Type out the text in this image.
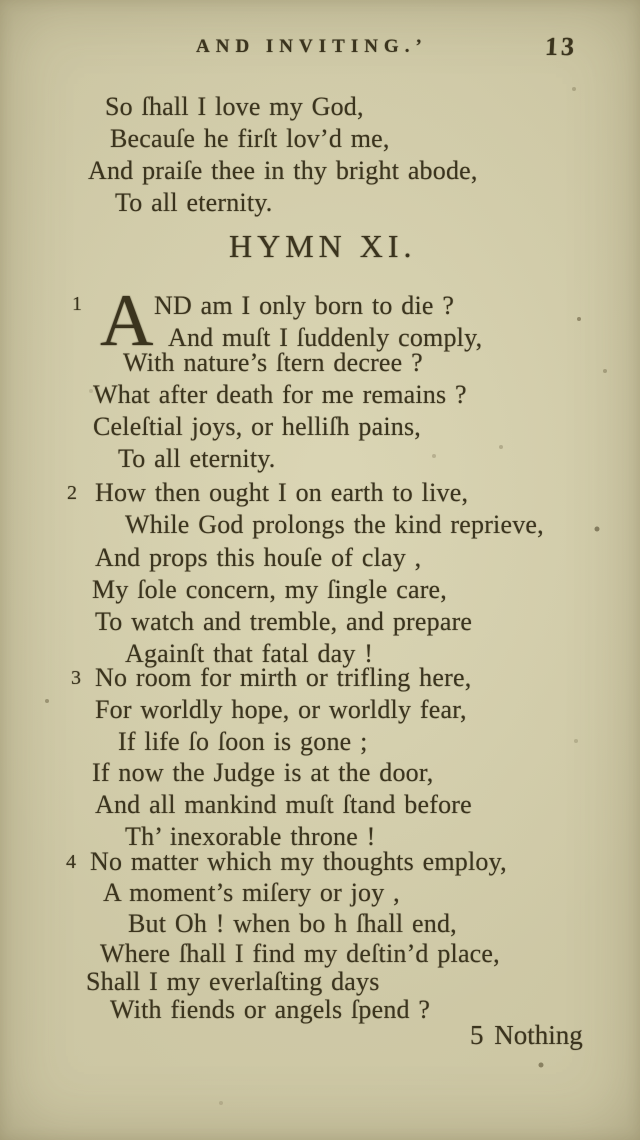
AND INVITING.’	13
So ſhall I love my God,
Becauſe he firſt lov’d me,
And praiſe thee in thy bright abode,
To all eternity.
HYMN XI.
1 A ND am I only born to die ?
And muſt I ſuddenly comply,
With nature’s ſtern decree ?
What after death for me remains ?
Celeſtial joys, or helliſh pains,
To all eternity.
2 How then ought I on earth to live,
While God prolongs the kind reprieve,
And props this houſe of clay ,
My ſole concern, my ſingle care,
To watch and tremble, and prepare
Againſt that fatal day !
3 No room for mirth or trifling here,
For worldly hope, or worldly fear,
If life ſo ſoon is gone ;
If now the Judge is at the door,
And all mankind muſt ſtand before
Th’ inexorable throne !
4 No matter which my thoughts employ,
A moment’s miſery or joy ,
But Oh ! when bo h ſhall end,
Where ſhall I find my deſtin’d place,
Shall I my everlaſting days
With fiends or angels ſpend ?
5 Nothing
